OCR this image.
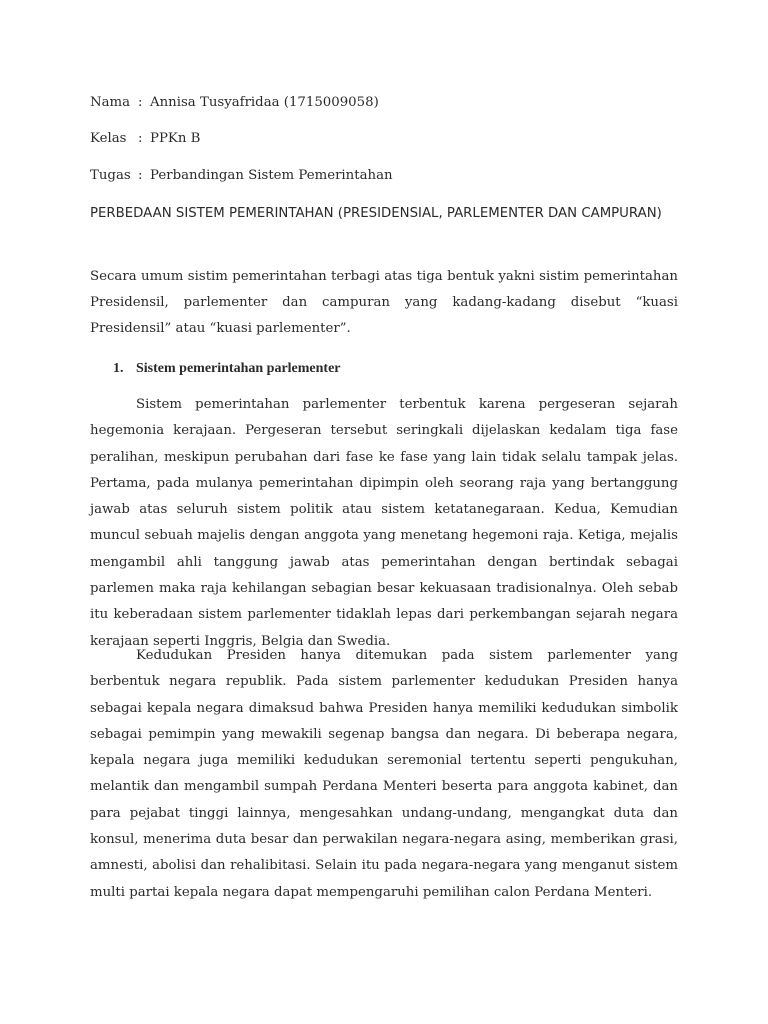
Nama : Annisa Tusyafridaa (1715009058)
Kelas : PPKn B
Tugas : Perbandingan Sistem Pemerintahan
PERBEDAAN SISTEM PEMERINTAHAN (PRESIDENSIAL, PARLEMENTER DAN CAMPURAN)

Secara umum sistim pemerintahan terbagi atas tiga bentuk yakni sistim pemerintahan Presidensil, parlementer dan campuran yang kadang-kadang disebut “kuasi Presidensil” atau “kuasi parlementer”.

1. Sistem pemerintahan parlementer

Sistem pemerintahan parlementer terbentuk karena pergeseran sejarah hegemonia kerajaan. Pergeseran tersebut seringkali dijelaskan kedalam tiga fase peralihan, meskipun perubahan dari fase ke fase yang lain tidak selalu tampak jelas. Pertama, pada mulanya pemerintahan dipimpin oleh seorang raja yang bertanggung jawab atas seluruh sistem politik atau sistem ketatanegaraan. Kedua, Kemudian muncul sebuah majelis dengan anggota yang menetang hegemoni raja. Ketiga, mejalis mengambil ahli tanggung jawab atas pemerintahan dengan bertindak sebagai parlemen maka raja kehilangan sebagian besar kekuasaan tradisionalnya. Oleh sebab itu keberadaan sistem parlementer tidaklah lepas dari perkembangan sejarah negara kerajaan seperti Inggris, Belgia dan Swedia.

Kedudukan Presiden hanya ditemukan pada sistem parlementer yang berbentuk negara republik. Pada sistem parlementer kedudukan Presiden hanya sebagai kepala negara dimaksud bahwa Presiden hanya memiliki kedudukan simbolik sebagai pemimpin yang mewakili segenap bangsa dan negara. Di beberapa negara, kepala negara juga memiliki kedudukan seremonial tertentu seperti pengukuhan, melantik dan mengambil sumpah Perdana Menteri beserta para anggota kabinet, dan para pejabat tinggi lainnya, mengesahkan undang-undang, mengangkat duta dan konsul, menerima duta besar dan perwakilan negara-negara asing, memberikan grasi, amnesti, abolisi dan rehalibitasi. Selain itu pada negara-negara yang menganut sistem multi partai kepala negara dapat mempengaruhi pemilihan calon Perdana Menteri.
